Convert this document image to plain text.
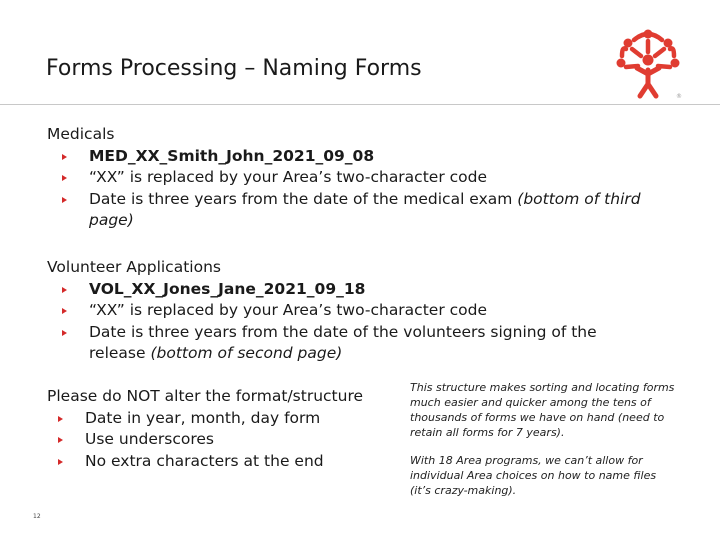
Forms Processing – Naming Forms
®
Medicals
MED_XX_Smith_John_2021_09_08
“XX” is replaced by your Area’s two-character code
Date is three years from the date of the medical exam (bottom of third page)
Volunteer Applications
VOL_XX_Jones_Jane_2021_09_18
“XX” is replaced by your Area’s two-character code
Date is three years from the date of the volunteers signing of the release (bottom of second page)
Please do NOT alter the format/structure
Date in year, month, day form
Use underscores
No extra characters at the end
This structure makes sorting and locating forms much easier and quicker among the tens of thousands of forms we have on hand (need to retain all forms for 7 years).
With 18 Area programs, we can’t allow for individual Area choices on how to name files (it’s crazy-making).
12
